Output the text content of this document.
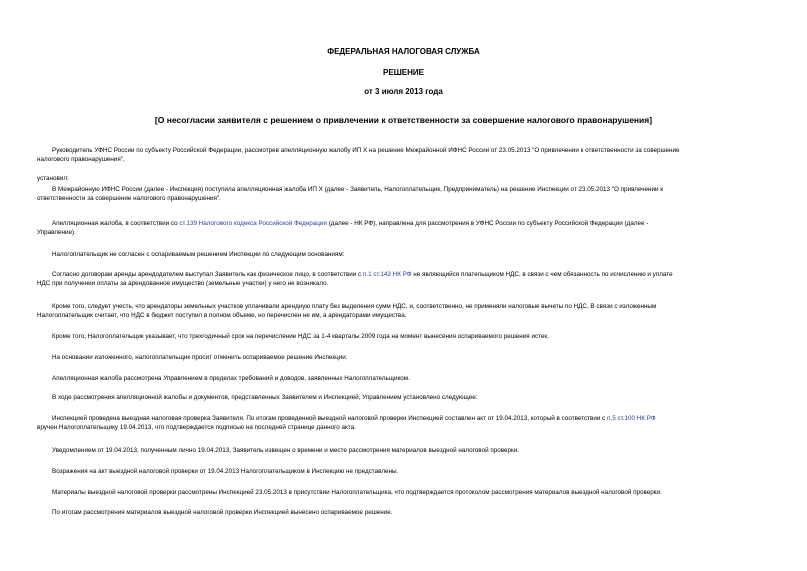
ФЕДЕРАЛЬНАЯ НАЛОГОВАЯ СЛУЖБА
РЕШЕНИЕ
от 3 июля 2013 года
[О несогласии заявителя с решением о привлечении к ответственности за совершение налогового правонарушения]
Руководитель УФНС России по субъекту Российской Федерации, рассмотрев апелляционную жалобу ИП Х на решение Межрайонной ИФНС России от 23.05.2013 "О привлечении к ответственности за совершение
налогового правонарушения",
установил:
В Межрайонную ИФНС России (далее - Инспекция) поступила апелляционная жалоба ИП Х (далее - Заявитель, Налогоплательщик, Предприниматель) на решение Инспекции от 23.05.2013 "О привлечении к
ответственности за совершение налогового правонарушения".
Апелляционная жалоба, в соответствии со ст.139 Налогового кодекса Российской Федерации (далее - НК РФ), направлена для рассмотрения в УФНС России по субъекту Российской Федерации (далее -
Управление).
Налогоплательщик не согласен с оспариваемым решением Инспекции по следующим основаниям:
Согласно договорам аренды арендодателем выступал Заявитель как физическое лицо, в соответствии с п.1 ст.143 НК РФ не являющийся плательщиком НДС, в связи с чем обязанность по исчислению и уплате
НДС при получении оплаты за арендованное имущество (земельные участки) у него не возникало.
Кроме того, следует учесть, что арендаторы земельных участков уплачивали арендную плату без выделения сумм НДС, и, соответственно, не применяли налоговые вычеты по НДС. В связи с изложенным
Налогоплательщик считает, что НДС в бюджет поступил в полном объеме, но перечислен не им, а арендаторами имущества.
Кроме того, Налогоплательщик указывает, что трехгодичный срок на перечисление НДС за 1-4 кварталы 2009 года на момент вынесения оспариваемого решения истек.
На основании изложенного, налогоплательщик просит отменить оспариваемое решение Инспекции.
Апелляционная жалоба рассмотрена Управлением в пределах требований и доводов, заявленных Налогоплательщиком.
В ходе рассмотрения апелляционной жалобы и документов, представленных Заявителем и Инспекцией, Управлением установлено следующее:
Инспекцией проведена выездная налоговая проверка Заявителя. По итогам проведенной выездной налоговой проверки Инспекцией составлен акт от 19.04.2013, который в соответствии с п.5 ст.100 НК РФ
вручен Налогоплательщику 19.04.2013, что подтверждается подписью на последней странице данного акта.
Уведомлением от 19.04.2013, полученным лично 19.04.2013, Заявитель извещен о времени и месте рассмотрения материалов выездной налоговой проверки.
Возражения на акт выездной налоговой проверки от 19.04.2013 Налогоплательщиком в Инспекцию не представлены.
Материалы выездной налоговой проверки рассмотрены Инспекцией 23.05.2013 в присутствии Налогоплательщика, что подтверждается протоколом рассмотрения материалов выездной налоговой проверки.
По итогам рассмотрения материалов выездной налоговой проверки Инспекцией вынесено оспариваемое решение.
